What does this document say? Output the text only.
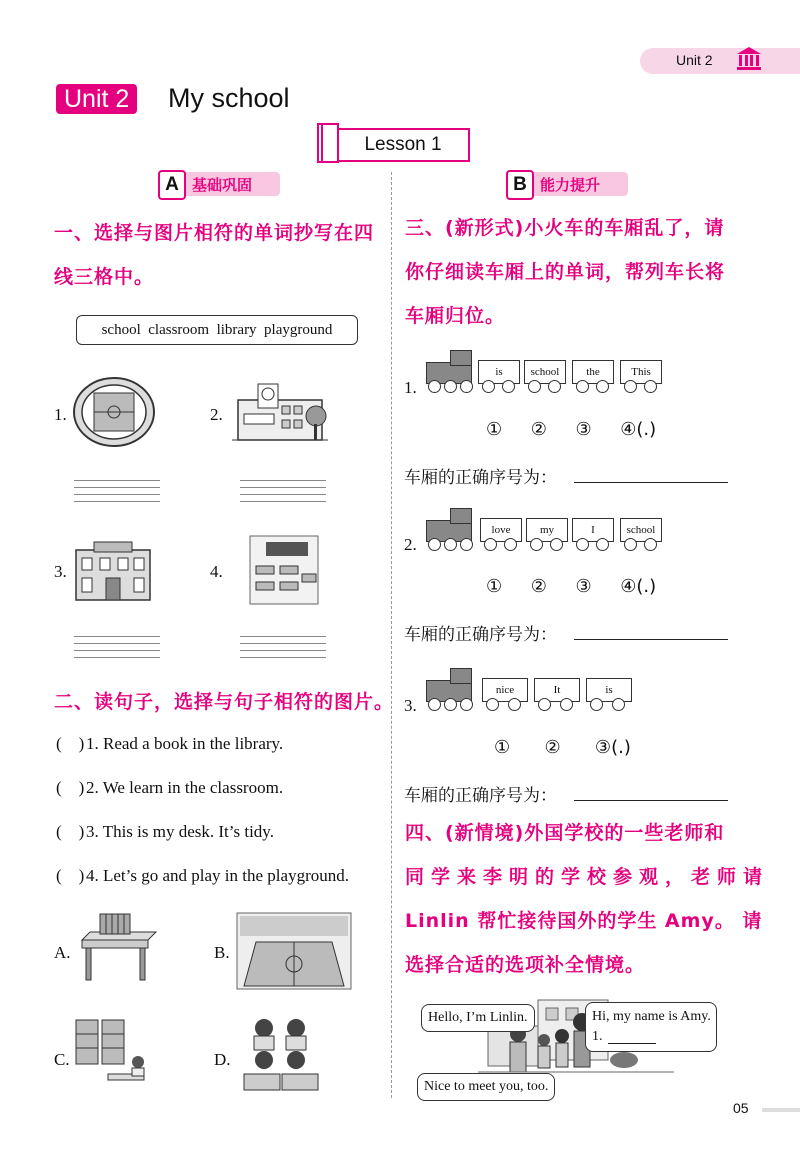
Unit 2
Unit 2 My school
Lesson 1
A 基础巩固	B 能力提升
一、选择与图片相符的单词抄写在四
线三格中。
school  classroom  library  playground
1.	2.
3.	4.
二、读句子，选择与句子相符的图片。
(    ) 1. Read a book in the library.
(    ) 2. We learn in the classroom.
(    ) 3. This is my desk. It’s tidy.
(    ) 4. Let’s go and play in the playground.
A.	B.
C.	D.
三、(新形式)小火车的车厢乱了，请
你仔细读车厢上的单词，帮列车长将
车厢归位。
1.
is	school	the	This
①     ②     ③     ④(.)
车厢的正确序号为：
2.
love	my	I	school
①     ②     ③     ④(.)
车厢的正确序号为：
3.
nice	It	is
①      ②      ③(.)
车厢的正确序号为：
四、(新情境)外国学校的一些老师和
同学来李明的学校参观，老师请
Linlin 帮忙接待国外的学生 Amy。 请
选择合适的选项补全情境。
Hello, I’m Linlin.	Hi, my name is Amy.
1.
Nice to meet you, too.
05
